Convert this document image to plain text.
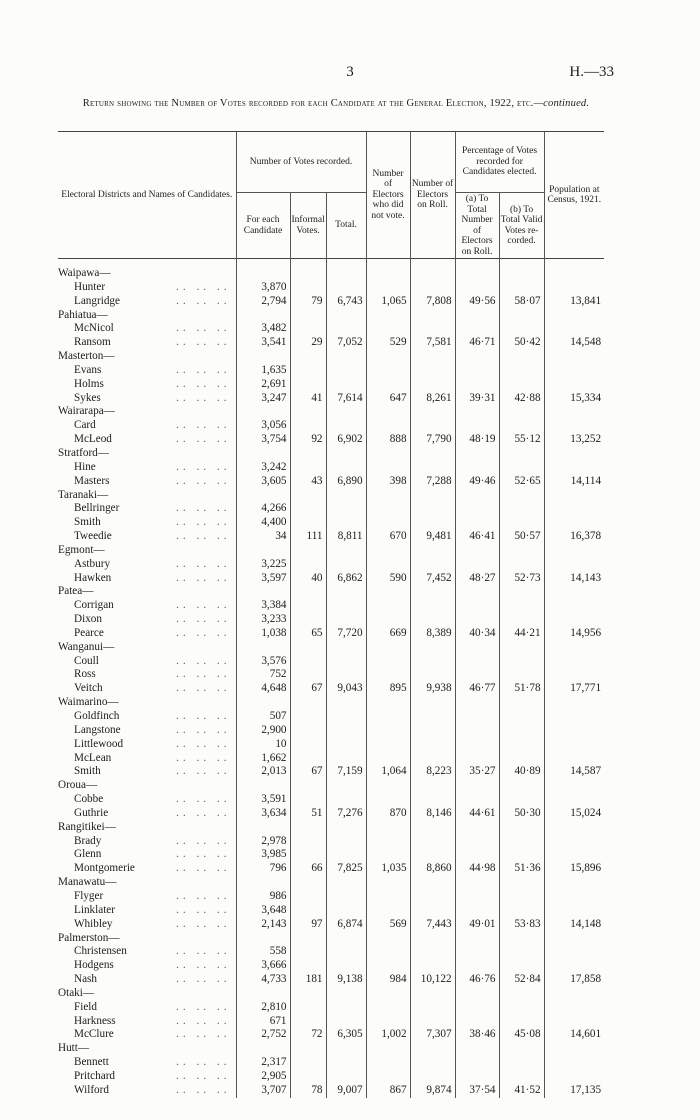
3	H.—33
Return showing the Number of Votes recorded for each Candidate at the General Election, 1922, etc.—continued.
Electoral Districts and Names of Candidates.	Number of Votes recorded.			Number of Electors who did not vote.	Number of Electors on Roll.	Percentage of Votes recorded for Candidates elected.		Population at Census, 1921.
	For each Candidate	Informal Votes.	Total.			(a) To Total Number of Electors on Roll.	(b) To Total Valid Votes re-corded.	

Waipawa—								
Hunter .. .. ..	3,870							
Langridge .. .. ..	2,794	79	6,743	1,065	7,808	49·56	58·07	13,841
Pahiatua—								
McNicol .. .. ..	3,482							
Ransom .. .. ..	3,541	29	7,052	529	7,581	46·71	50·42	14,548
Masterton—								
Evans .. .. ..	1,635							
Holms .. .. ..	2,691							
Sykes .. .. ..	3,247	41	7,614	647	8,261	39·31	42·88	15,334
Wairarapa—								
Card .. .. ..	3,056							
McLeod .. .. ..	3,754	92	6,902	888	7,790	48·19	55·12	13,252
Stratford—								
Hine .. .. ..	3,242							
Masters .. .. ..	3,605	43	6,890	398	7,288	49·46	52·65	14,114
Taranaki—								
Bellringer .. .. ..	4,266							
Smith .. .. ..	4,400							
Tweedie .. .. ..	34	111	8,811	670	9,481	46·41	50·57	16,378
Egmont—								
Astbury .. .. ..	3,225							
Hawken .. .. ..	3,597	40	6,862	590	7,452	48·27	52·73	14,143
Patea—								
Corrigan .. .. ..	3,384							
Dixon .. .. ..	3,233							
Pearce .. .. ..	1,038	65	7,720	669	8,389	40·34	44·21	14,956
Wanganui—								
Coull .. .. ..	3,576							
Ross .. .. ..	752							
Veitch .. .. ..	4,648	67	9,043	895	9,938	46·77	51·78	17,771
Waimarino—								
Goldfinch .. .. ..	507							
Langstone .. .. ..	2,900							
Littlewood .. .. ..	10							
McLean .. .. ..	1,662							
Smith .. .. ..	2,013	67	7,159	1,064	8,223	35·27	40·89	14,587
Oroua—								
Cobbe .. .. ..	3,591							
Guthrie .. .. ..	3,634	51	7,276	870	8,146	44·61	50·30	15,024
Rangitikei—								
Brady .. .. ..	2,978							
Glenn .. .. ..	3,985							
Montgomerie .. .. ..	796	66	7,825	1,035	8,860	44·98	51·36	15,896
Manawatu—								
Flyger .. .. ..	986							
Linklater .. .. ..	3,648							
Whibley .. .. ..	2,143	97	6,874	569	7,443	49·01	53·83	14,148
Palmerston—								
Christensen .. .. ..	558							
Hodgens .. .. ..	3,666							
Nash .. .. ..	4,733	181	9,138	984	10,122	46·76	52·84	17,858
Otaki—								
Field .. .. ..	2,810							
Harkness .. .. ..	671							
McClure .. .. ..	2,752	72	6,305	1,002	7,307	38·46	45·08	14,601
Hutt—								
Bennett .. .. ..	2,317							
Pritchard .. .. ..	2,905							
Wilford .. .. ..	3,707	78	9,007	867	9,874	37·54	41·52	17,135
